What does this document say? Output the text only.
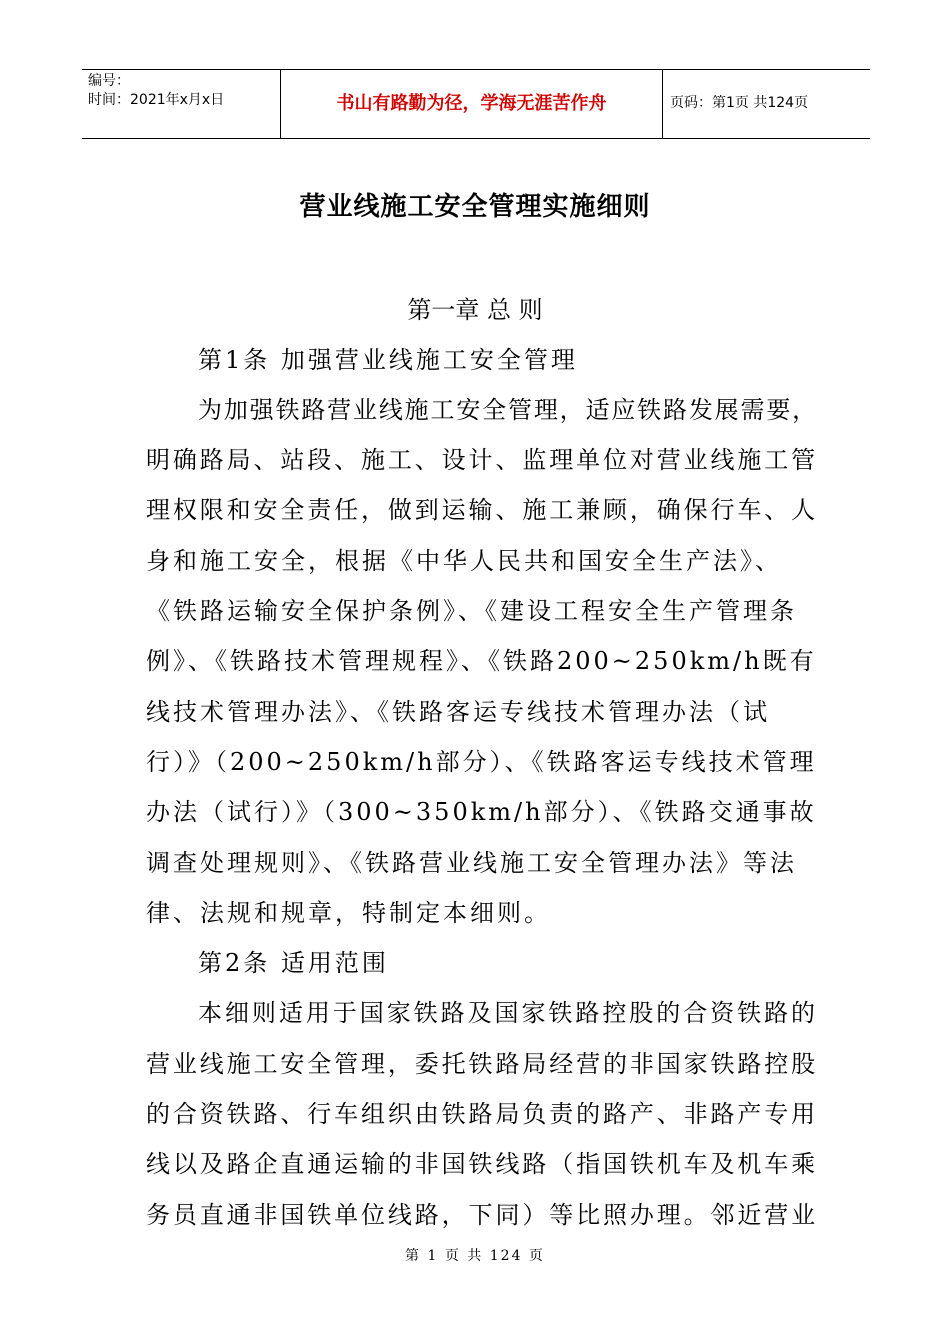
编号：
时间：2021年x月x日	书山有路勤为径，学海无涯苦作舟	页码：第1页 共124页
营业线施工安全管理实施细则
第一章 总 则
第1条 加强营业线施工安全管理
为加强铁路营业线施工安全管理，适应铁路发展需要，
明确路局、站段、施工、设计、监理单位对营业线施工管
理权限和安全责任，做到运输、施工兼顾，确保行车、人
身和施工安全，根据《中华人民共和国安全生产法》、
《铁路运输安全保护条例》、《建设工程安全生产管理条
例》、《铁路技术管理规程》、《铁路200~250km/h既有
线技术管理办法》、《铁路客运专线技术管理办法（试
行）》（200~250km/h部分）、《铁路客运专线技术管理
办法（试行）》（300~350km/h部分）、《铁路交通事故
调查处理规则》、《铁路营业线施工安全管理办法》等法
律、法规和规章，特制定本细则。
第2条 适用范围
本细则适用于国家铁路及国家铁路控股的合资铁路的
营业线施工安全管理，委托铁路局经营的非国家铁路控股
的合资铁路、行车组织由铁路局负责的路产、非路产专用
线以及路企直通运输的非国铁线路（指国铁机车及机车乘
务员直通非国铁单位线路，下同）等比照办理。邻近营业
第 1 页 共 124 页
